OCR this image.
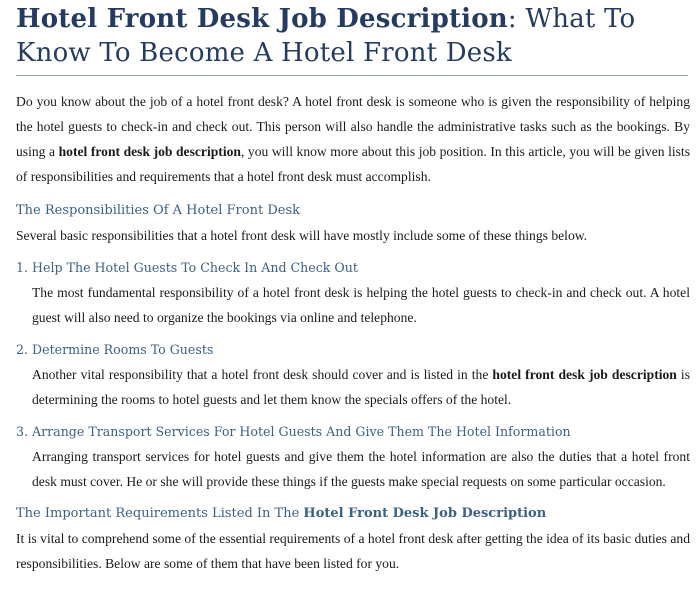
Hotel Front Desk Job Description: What To Know To Become A Hotel Front Desk

Do you know about the job of a hotel front desk? A hotel front desk is someone who is given the responsibility of helping the hotel guests to check-in and check out. This person will also handle the administrative tasks such as the bookings. By using a hotel front desk job description, you will know more about this job position. In this article, you will be given lists of responsibilities and requirements that a hotel front desk must accomplish.

The Responsibilities Of A Hotel Front Desk

Several basic responsibilities that a hotel front desk will have mostly include some of these things below.

1. Help The Hotel Guests To Check In And Check Out
The most fundamental responsibility of a hotel front desk is helping the hotel guests to check-in and check out. A hotel guest will also need to organize the bookings via online and telephone.
2. Determine Rooms To Guests
Another vital responsibility that a hotel front desk should cover and is listed in the hotel front desk job description is determining the rooms to hotel guests and let them know the specials offers of the hotel.
3. Arrange Transport Services For Hotel Guests And Give Them The Hotel Information
Arranging transport services for hotel guests and give them the hotel information are also the duties that a hotel front desk must cover. He or she will provide these things if the guests make special requests on some particular occasion.
The Important Requirements Listed In The Hotel Front Desk Job Description

It is vital to comprehend some of the essential requirements of a hotel front desk after getting the idea of its basic duties and responsibilities. Below are some of them that have been listed for you.
